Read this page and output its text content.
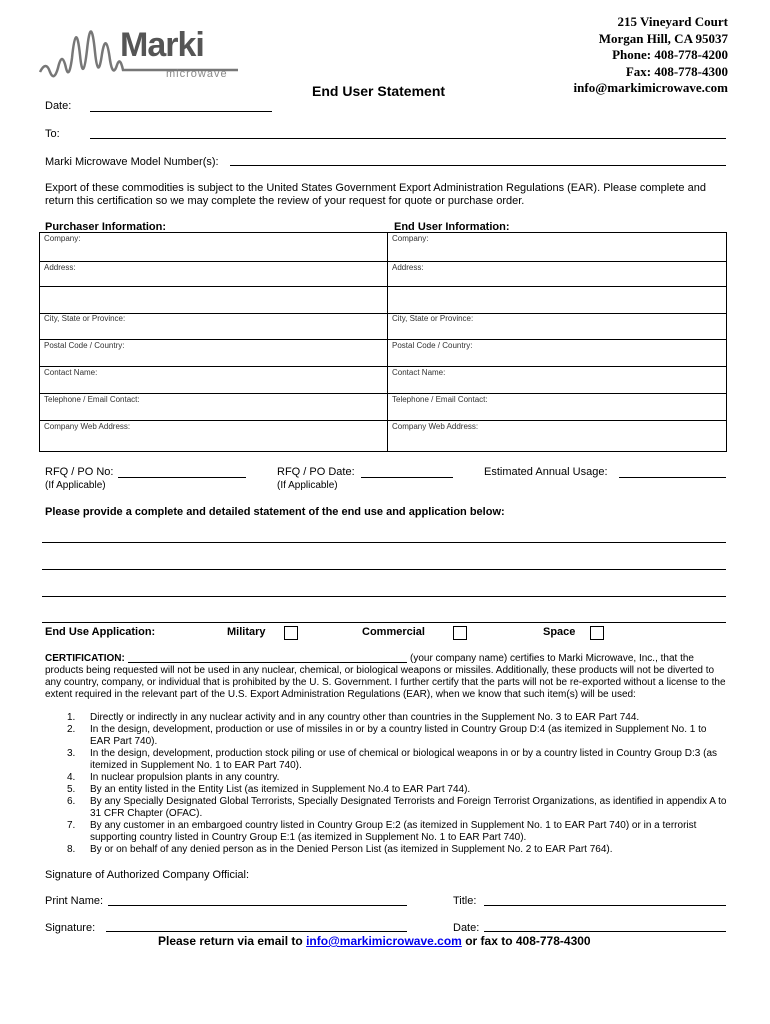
Marki
microwave
215 Vineyard Court
Morgan Hill, CA 95037
Phone: 408-778-4200
Fax: 408-778-4300
info@markimicrowave.com
End User Statement
Date:
To:
Marki Microwave Model Number(s):
Export of these commodities is subject to the United States Government Export Administration Regulations (EAR). Please complete and return this certification so we may complete the review of your request for quote or purchase order.
Purchaser Information:	End User Information:
Company:	Company:
Address:	Address:
City, State or Province:	City, State or Province:
Postal Code / Country:	Postal Code / Country:
Contact Name:	Contact Name:
Telephone / Email Contact:	Telephone / Email Contact:
Company Web Address:	Company Web Address:
RFQ / PO No:
(If Applicable)
RFQ / PO Date:
(If Applicable)
Estimated Annual Usage:
Please provide a complete and detailed statement of the end use and application below:
End Use Application:	Military	Commercial	Space
CERTIFICATION:	(your company name) certifies to Marki Microwave, Inc., that the
products being requested will not be used in any nuclear, chemical, or biological weapons or missiles. Additionally, these products will not be diverted to any country, company, or individual that is prohibited by the U. S. Government. I further certify that the parts will not be re-exported without a license to the extent required in the relevant part of the U.S. Export Administration Regulations (EAR), when we know that such item(s) will be used:
1. Directly or indirectly in any nuclear activity and in any country other than countries in the Supplement No. 3 to EAR Part 744.
2. In the design, development, production or use of missiles in or by a country listed in Country Group D:4 (as itemized in Supplement No. 1 to EAR Part 740).
3. In the design, development, production stock piling or use of chemical or biological weapons in or by a country listed in Country Group D:3 (as itemized in Supplement No. 1 to EAR Part 740).
4. In nuclear propulsion plants in any country.
5. By an entity listed in the Entity List (as itemized in Supplement No.4 to EAR Part 744).
6. By any Specially Designated Global Terrorists, Specially Designated Terrorists and Foreign Terrorist Organizations, as identified in appendix A to 31 CFR Chapter (OFAC).
7. By any customer in an embargoed country listed in Country Group E:2 (as itemized in Supplement No. 1 to EAR Part 740) or in a terrorist supporting country listed in Country Group E:1 (as itemized in Supplement No. 1 to EAR Part 740).
8. By or on behalf of any denied person as in the Denied Person List (as itemized in Supplement No. 2 to EAR Part 764).
Signature of Authorized Company Official:
Print Name:	Title:
Signature:	Date:
Please return via email to info@markimicrowave.com or fax to 408-778-4300
